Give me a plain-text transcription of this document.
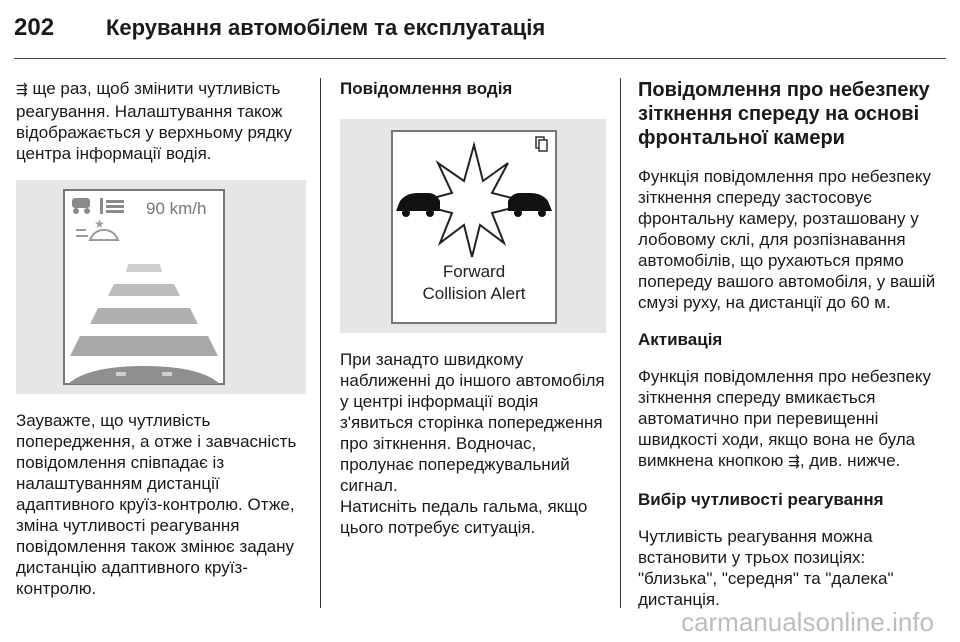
202	Керування автомобілем та експлуатація

⇶ ще раз, щоб змінити чутливість реагування. Налаштування також відображається у верхньому рядку центра інформації водія.

90 km/h
★

Зауважте, що чутливість попередження, а отже і завчасність повідомлення співпадає із налаштуванням дистанції адаптивного круїз-контролю. Отже, зміна чутливості реагування повідомлення також змінює задану дистанцію адаптивного круїз-контролю.

Повідомлення водія

Forward
Collision Alert

При занадто швидкому наближенні до іншого автомобіля у центрі інформації водія з'явиться сторінка попередження про зіткнення. Водночас, пролунає попереджувальний сигнал.

Натисніть педаль гальма, якщо цього потребує ситуація.

Повідомлення про небезпеку зіткнення спереду на основі фронтальної камери

Функція повідомлення про небезпеку зіткнення спереду застосовує фронтальну камеру, розташовану у лобовому склі, для розпізнавання автомобілів, що рухаються прямо попереду вашого автомобіля, у вашій смузі руху, на дистанції до 60 м.

Активація

Функція повідомлення про небезпеку зіткнення спереду вмикається автоматично при перевищенні швидкості ходи, якщо вона не була вимкнена кнопкою ⇶, див. нижче.

Вибір чутливості реагування

Чутливість реагування можна встановити у трьох позиціях: "близька", "середня" та "далека" дистанція.

carmanualsonline.info
